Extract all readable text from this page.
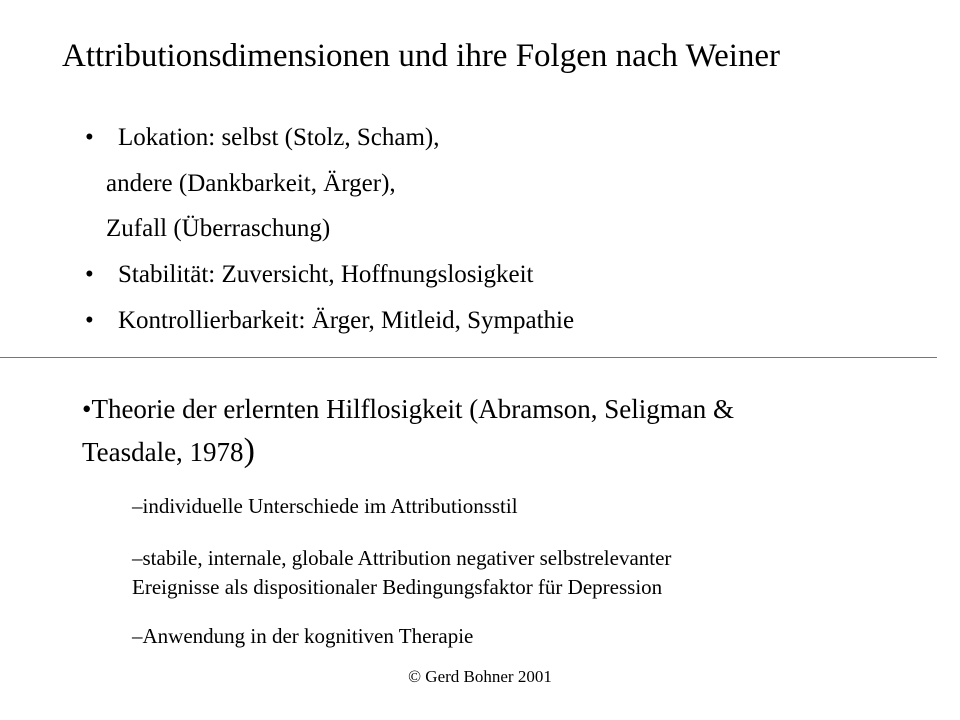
Attributionsdimensionen und ihre Folgen nach Weiner
• Lokation: selbst (Stolz, Scham),
andere (Dankbarkeit, Ärger),
Zufall (Überraschung)
• Stabilität: Zuversicht, Hoffnungslosigkeit
• Kontrollierbarkeit: Ärger, Mitleid, Sympathie
•Theorie der erlernten Hilflosigkeit (Abramson, Seligman &
Teasdale, 1978)
–individuelle Unterschiede im Attributionsstil
–stabile, internale, globale Attribution negativer selbstrelevanter
Ereignisse als dispositionaler Bedingungsfaktor für Depression
–Anwendung in der kognitiven Therapie
© Gerd Bohner 2001
